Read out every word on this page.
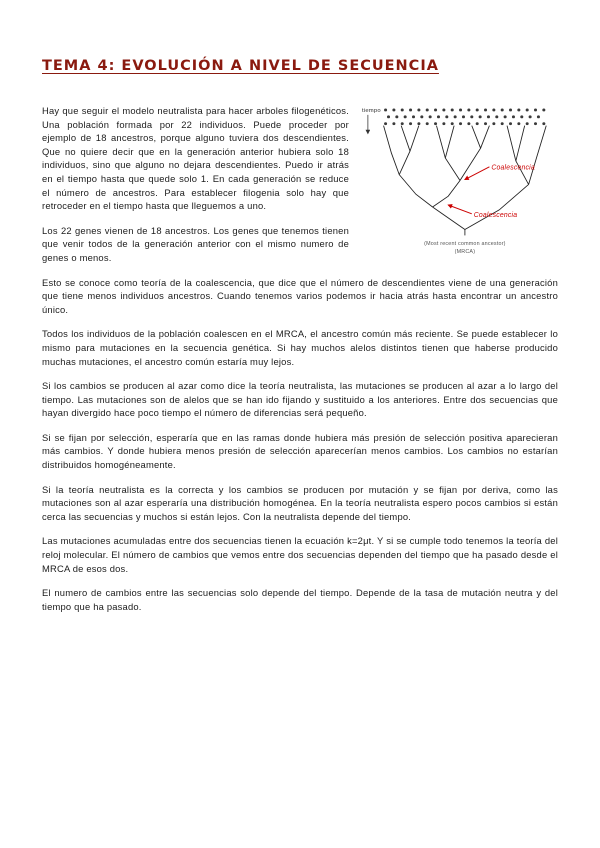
TEMA 4: EVOLUCIÓN A NIVEL DE SECUENCIA
tiempo
Coalescencia
Coalescencia
(Most recent common ancestor)
(MRCA)

Hay que seguir el modelo neutralista para hacer arboles filogenéticos. Una población formada por 22 individuos. Puede proceder por ejemplo de 18 ancestros, porque alguno tuviera dos descendientes. Que no quiere decir que en la generación anterior hubiera solo 18 individuos, sino que alguno no dejara descendientes. Puedo ir atrás en el tiempo hasta que quede solo 1. En cada generación se reduce el número de ancestros. Para establecer filogenia solo hay que retroceder en el tiempo hasta que lleguemos a uno.

Los 22 genes vienen de 18 ancestros. Los genes que tenemos tienen que venir todos de la generación anterior con el mismo numero de genes o menos.

Esto se conoce como teoría de la coalescencia, que dice que el número de descendientes viene de una generación que tiene menos individuos ancestros. Cuando tenemos varios podemos ir hacia atrás hasta encontrar un ancestro único.

Todos los individuos de la población coalescen en el MRCA, el ancestro común más reciente. Se puede establecer lo mismo para mutaciones en la secuencia genética. Si hay muchos alelos distintos tienen que haberse producido muchas mutaciones, el ancestro común estaría muy lejos.

Si los cambios se producen al azar como dice la teoría neutralista, las mutaciones se producen al azar a lo largo del tiempo. Las mutaciones son de alelos que se han ido fijando y sustituido a los anteriores. Entre dos secuencias que hayan divergido hace poco tiempo el número de diferencias será pequeño.

Si se fijan por selección, esperaría que en las ramas donde hubiera más presión de selección positiva aparecieran más cambios. Y donde hubiera menos presión de selección aparecerían menos cambios. Los cambios no estarían distribuidos homogéneamente.

Si la teoría neutralista es la correcta y los cambios se producen por mutación y se fijan por deriva, como las mutaciones son al azar esperaría una distribución homogénea. En la teoría neutralista espero pocos cambios si están cerca las secuencias y muchos si están lejos. Con la neutralista depende del tiempo.

Las mutaciones acumuladas entre dos secuencias tienen la ecuación k=2μt. Y si se cumple todo tenemos la teoría del reloj molecular. El número de cambios que vemos entre dos secuencias dependen del tiempo que ha pasado desde el MRCA de esos dos.

El numero de cambios entre las secuencias solo depende del tiempo. Depende de la tasa de mutación neutra y del tiempo que ha pasado.
